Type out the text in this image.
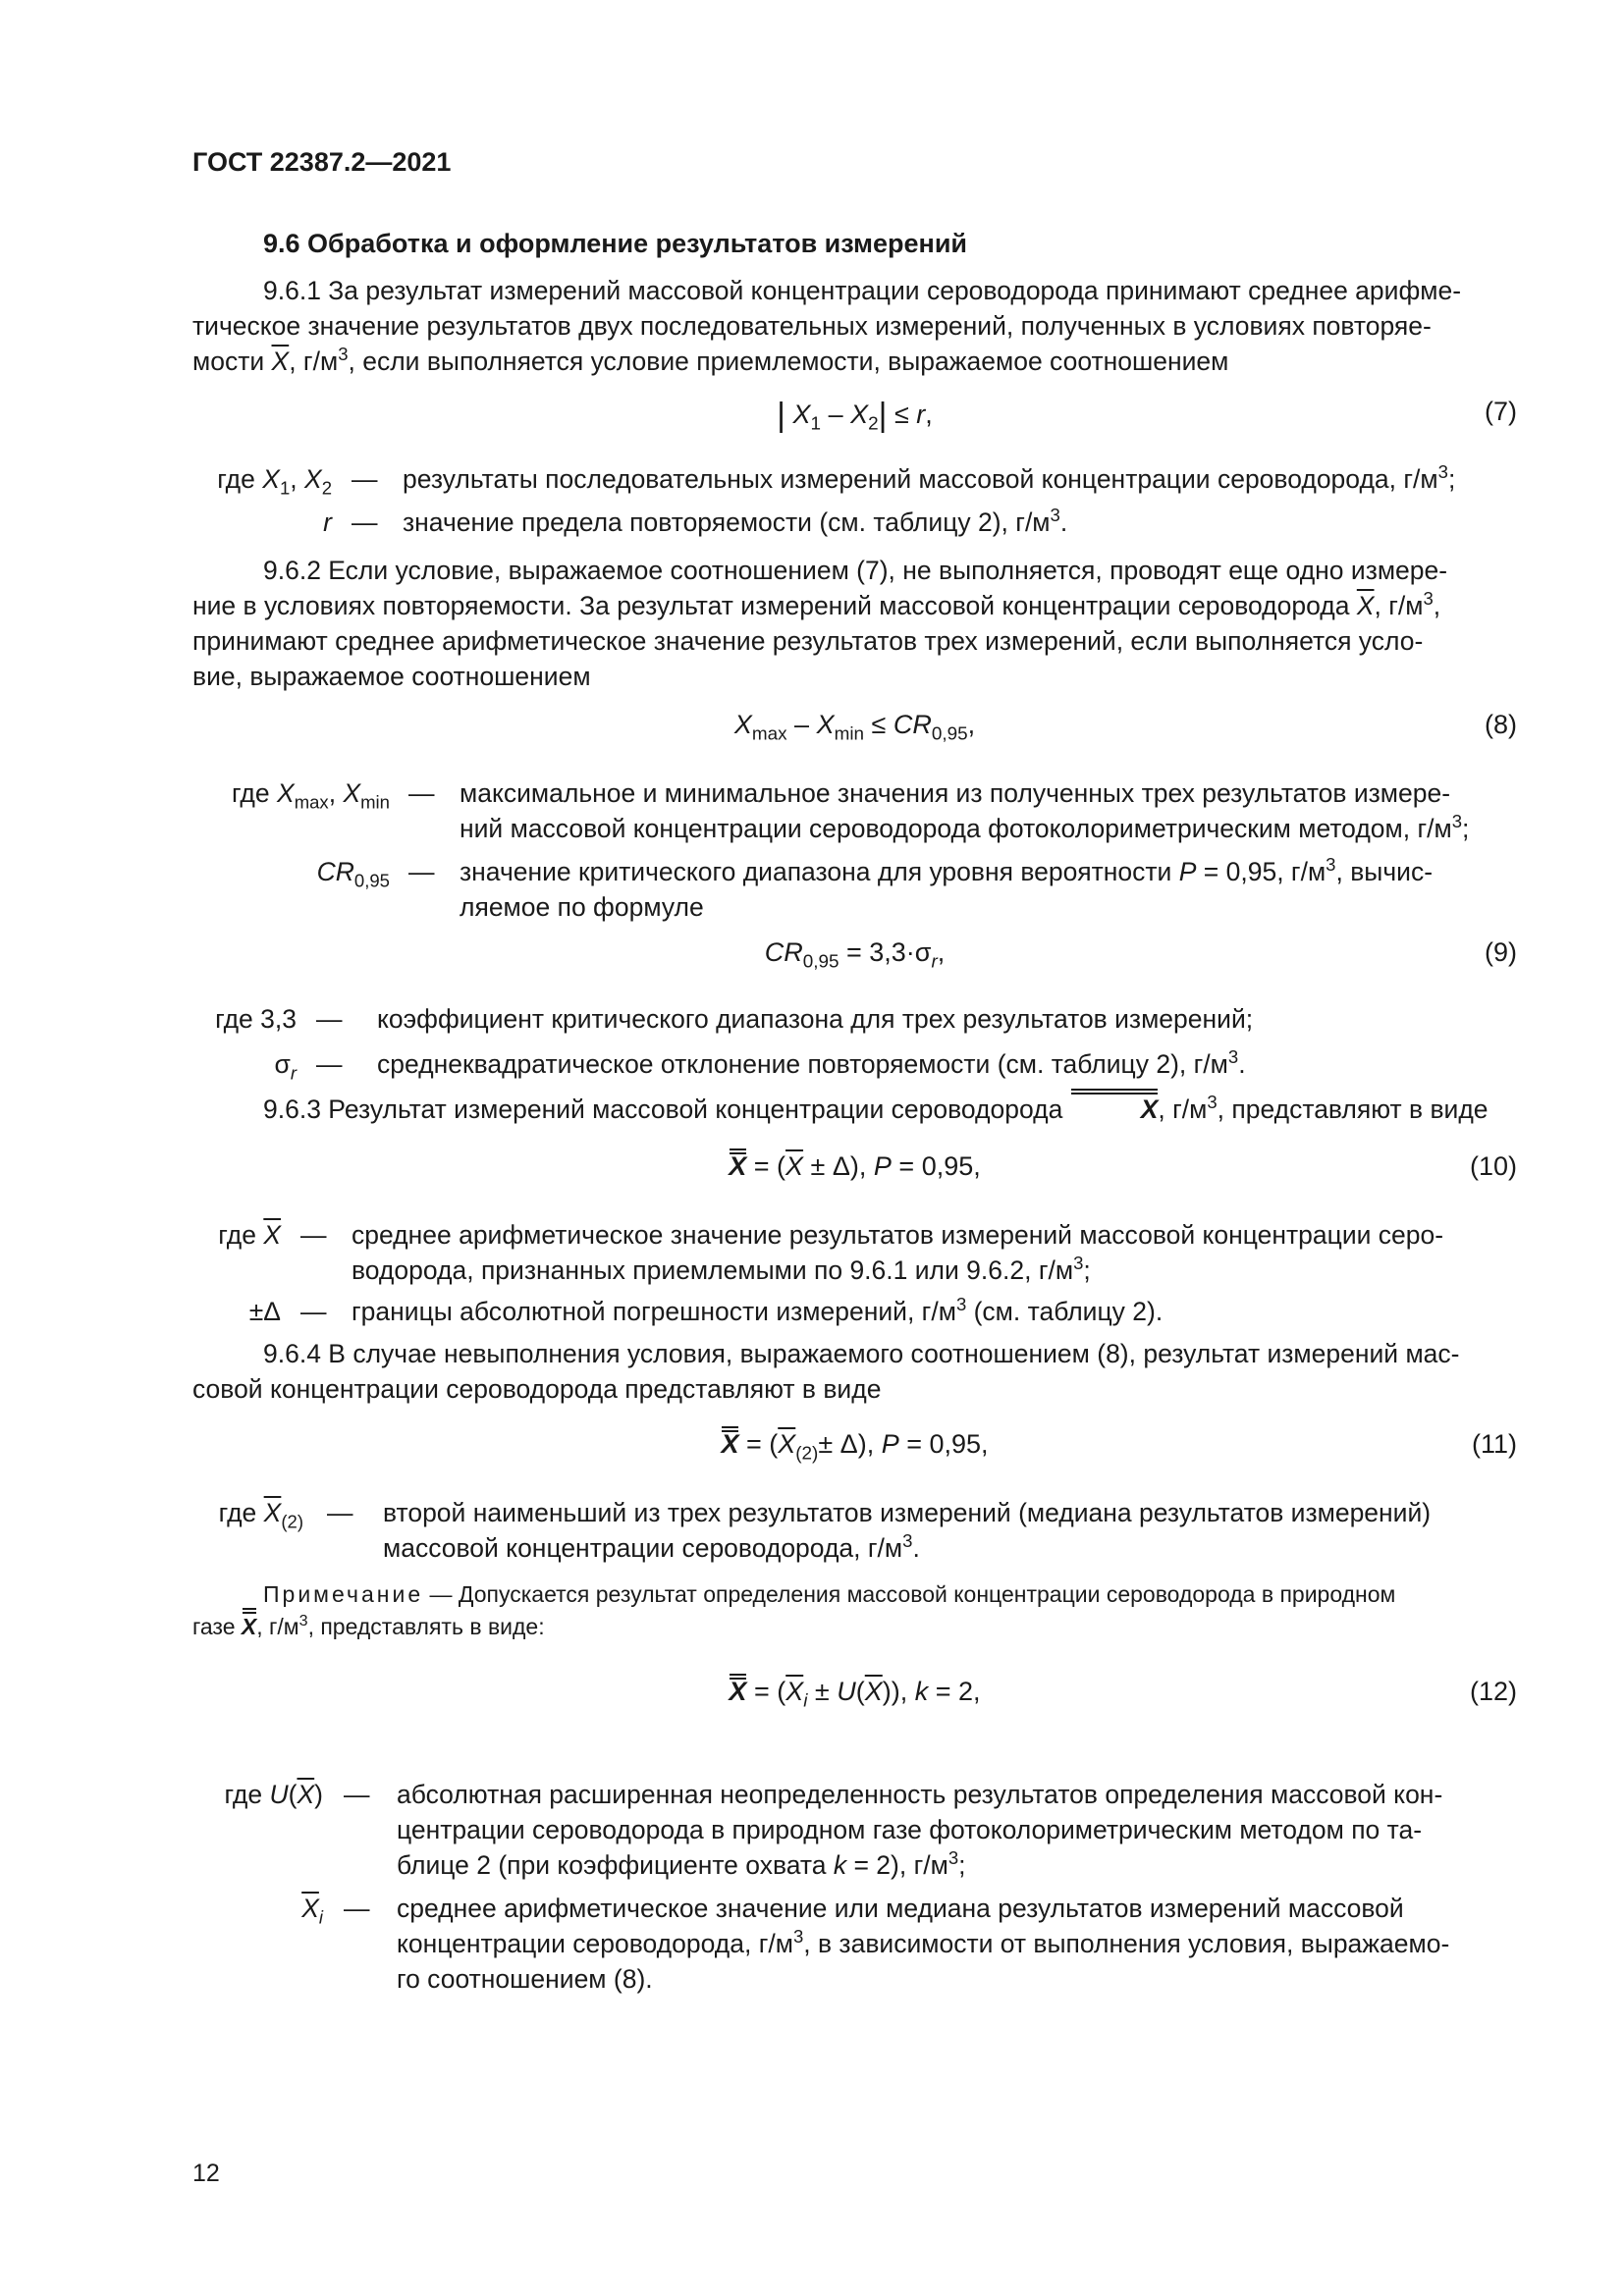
ГОСТ 22387.2—2021
9.6 Обработка и оформление результатов измерений
9.6.1 За результат измерений массовой концентрации сероводорода принимают среднее арифме-
тическое значение результатов двух последовательных измерений, полученных в условиях повторяе-
мости $\overline{X}$, $г/м^3$, если выполняется условие приемлемости, выражаемое соотношением
| $X_1 - X_2| \le r$,	(7)
где $X_1$, $X_2$ — результаты последовательных измерений массовой концентрации сероводорода, $г/м^3$;
r — значение предела повторяемости (см. таблицу 2), $г/м^3$.
9.6.2 Если условие, выражаемое соотношением (7), не выполняется, проводят еще одно измере-
ние в условиях повторяемости. За результат измерений массовой концентрации сероводорода $\overline{X}$, $г/м^3$,
принимают среднее арифметическое значение результатов трех измерений, если выполняется усло-
вие, выражаемое соотношением
$X_{max} - X_{min} \le CR_{0,95}$,	(8)
где $X_{max}$, $X_{min}$ — максимальное и минимальное значения из полученных трех результатов измере-
ний массовой концентрации сероводорода фотоколориметрическим методом, $г/м^3$;
$CR_{0,95}$ — значение критического диапазона для уровня вероятности P = 0,95, $г/м^3$, вычис-
ляемое по формуле
$CR_{0,95} = 3,3\cdot\sigma_r$,	(9)
где 3,3 — коэффициент критического диапазона для трех результатов измерений;
$\sigma_r$ — среднеквадратическое отклонение повторяемости (см. таблицу 2), $г/м^3$.
9.6.3 Результат измерений массовой концентрации сероводорода	X, $г/м^3$, представляют в виде
$X = (\overline{X} \pm \Delta)$, P = 0,95,	(10)
где $\overline{X}$ — среднее арифметическое значение результатов измерений массовой концентрации серо-
водорода, признанных приемлемыми по 9.6.1 или 9.6.2, $г/м^3$;
±Δ — границы абсолютной погрешности измерений, $г/м^3$ (см. таблицу 2).
9.6.4 В случае невыполнения условия, выражаемого соотношением (8), результат измерений мас-
совой концентрации сероводорода представляют в виде
$X = (\overline{X}_{(2)}\pm \Delta)$, P = 0,95,	(11)
где $\overline{X}_{(2)}$ — второй наименьший из трех результатов измерений (медиана результатов измерений)
массовой концентрации сероводорода, $г/м^3$.
Примечание — Допускается результат определения массовой концентрации сероводорода в природном
газе X, $г/м^3$, представлять в виде:
$X = (\overline{X}_i \pm U(\overline{X}))$, k = 2,	(12)
где $U(\overline{X})$ — абсолютная расширенная неопределенность результатов определения массовой кон-
центрации сероводорода в природном газе фотоколориметрическим методом по та-
блице 2 (при коэффициенте охвата k = 2), $г/м^3$;
$\overline{X}_i$ — среднее арифметическое значение или медиана результатов измерений массовой
концентрации сероводорода, $г/м^3$, в зависимости от выполнения условия, выражаемо-
го соотношением (8).
12
